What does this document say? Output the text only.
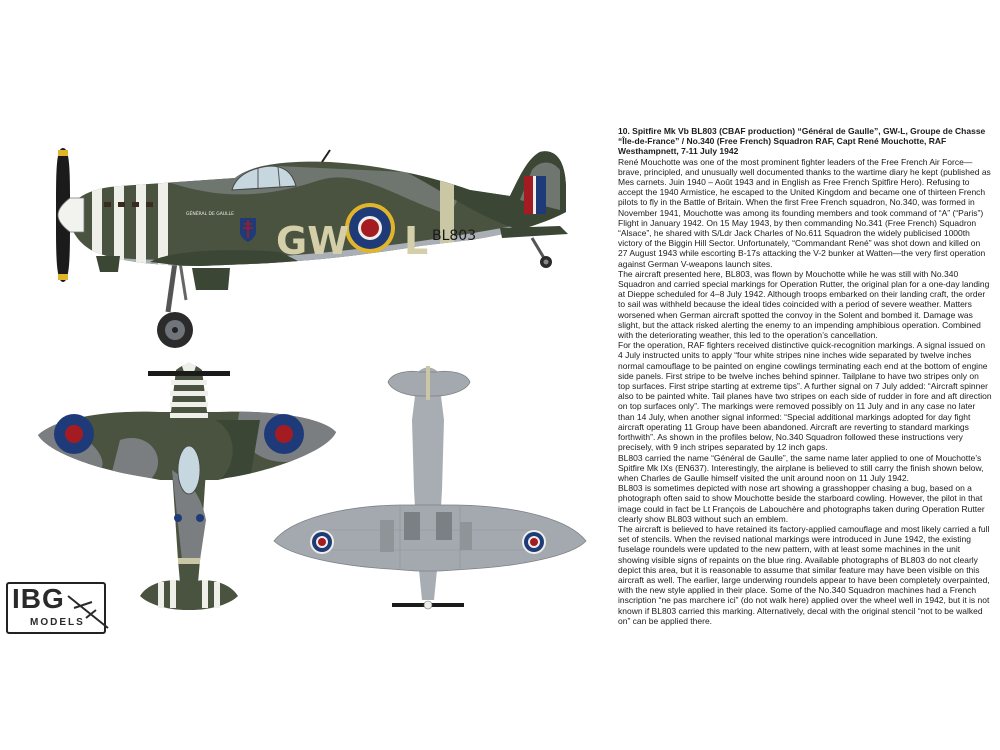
GW L BL803
GÉNÉRAL DE GAULLE
IBG
MODELS

10. Spitfire Mk Vb BL803 (CBAF production) “Général de Gaulle”, GW-L, Groupe de Chasse “Île-de-France” / No.340 (Free French) Squadron RAF, Capt René Mouchotte, RAF Westhampnett, 7-11 July 1942

René Mouchotte was one of the most prominent fighter leaders of the Free French Air Force—brave, principled, and unusually well documented thanks to the wartime diary he kept (published as Mes carnets. Juin 1940 – Août 1943 and in English as Free French Spitfire Hero). Refusing to accept the 1940 Armistice, he escaped to the United Kingdom and became one of thirteen French pilots to fly in the Battle of Britain. When the first Free French squadron, No.340, was formed in November 1941, Mouchotte was among its founding members and took command of “A” (“Paris”) Flight in January 1942. On 15 May 1943, by then commanding No.341 (Free French) Squadron “Alsace”, he shared with S/Ldr Jack Charles of No.611 Squadron the widely publicised 1000th victory of the Biggin Hill Sector. Unfortunately, “Commandant René” was shot down and killed on 27 August 1943 while escorting B-17s attacking the V-2 bunker at Watten—the very first operation against German V-weapons launch sites.

The aircraft presented here, BL803, was flown by Mouchotte while he was still with No.340 Squadron and carried special markings for Operation Rutter, the original plan for a one-day landing at Dieppe scheduled for 4–8 July 1942. Although troops embarked on their landing craft, the order to sail was withheld because the ideal tides coincided with a period of severe weather. Matters worsened when German aircraft spotted the convoy in the Solent and bombed it. Damage was slight, but the attack risked alerting the enemy to an impending amphibious operation. Combined with the deteriorating weather, this led to the operation’s cancellation.

For the operation, RAF fighters received distinctive quick-recognition markings. A signal issued on 4 July instructed units to apply “four white stripes nine inches wide separated by twelve inches normal camouflage to be painted on engine cowlings terminating each end at the bottom of engine side panels. First stripe to be twelve inches behind spinner. Tailplane to have two stripes only on top surfaces. First stripe starting at extreme tips”. A further signal on 7 July added: “Aircraft spinner also to be painted white. Tail planes have two stripes on each side of rudder in fore and aft direction on top surfaces only”. The markings were removed possibly on 11 July and in any case no later than 14 July, when another signal informed: “Special additional markings adopted for day fight aircraft operating 11 Group have been abandoned. Aircraft are reverting to standard markings forthwith”. As shown in the profiles below, No.340 Squadron followed these instructions very precisely, with 9 inch stripes separated by 12 inch gaps.

BL803 carried the name “Général de Gaulle”, the same name later applied to one of Mouchotte’s Spitfire Mk IXs (EN637). Interestingly, the airplane is believed to still carry the finish shown below, when Charles de Gaulle himself visited the unit around noon on 11 July 1942.

BL803 is sometimes depicted with nose art showing a grasshopper chasing a bug, based on a photograph often said to show Mouchotte beside the starboard cowling. However, the pilot in that image could in fact be Lt François de Labouchère and photographs taken during Operation Rutter clearly show BL803 without such an emblem.

The aircraft is believed to have retained its factory-applied camouflage and most likely carried a full set of stencils. When the revised national markings were introduced in June 1942, the existing fuselage roundels were updated to the new pattern, with at least some machines in the unit showing visible signs of repaints on the blue ring. Available photographs of BL803 do not clearly depict this area, but it is reasonable to assume that similar feature may have been visible on this aircraft as well. The earlier, large underwing roundels appear to have been completely overpainted, with the new style applied in their place. Some of the No.340 Squadron machines had a French inscription “ne pas marchere ici” (do not walk here) applied over the wheel well in 1942, but it is not known if BL803 carried this marking. Alternatively, decal with the original stencil “not to be walked on” can be applied there.
